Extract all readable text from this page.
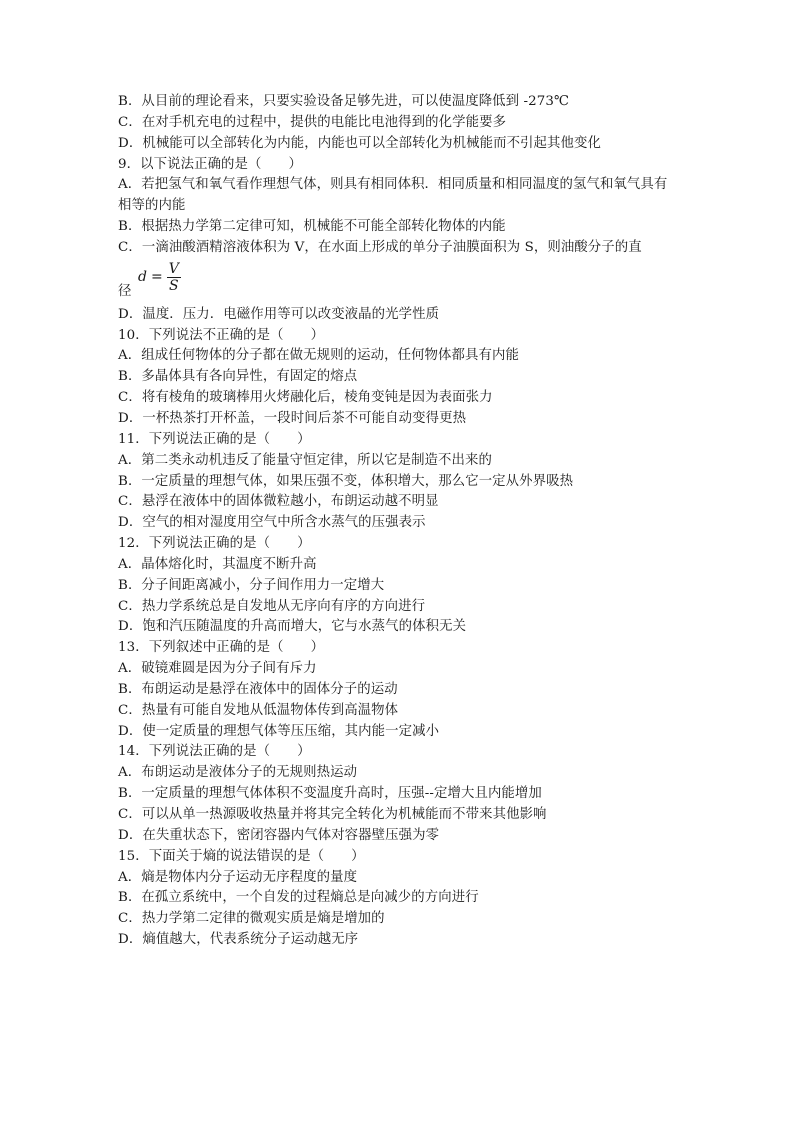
B．从目前的理论看来，只要实验设备足够先进，可以使温度降低到 -273℃
C．在对手机充电的过程中，提供的电能比电池得到的化学能要多
D．机械能可以全部转化为内能，内能也可以全部转化为机械能而不引起其他变化
9．以下说法正确的是（　　）
A．若把氢气和氧气看作理想气体，则具有相同体积．相同质量和相同温度的氢气和氧气具有相等的内能
B．根据热力学第二定律可知，机械能不可能全部转化物体的内能
C．一滴油酸酒精溶液体积为 V，在水面上形成的单分子油膜面积为 S，则油酸分子的直
径
$d = \frac{V}{S}$
D．温度．压力．电磁作用等可以改变液晶的光学性质
10．下列说法不正确的是（　　）
A．组成任何物体的分子都在做无规则的运动，任何物体都具有内能
B．多晶体具有各向异性，有固定的熔点
C．将有棱角的玻璃棒用火烤融化后，棱角变钝是因为表面张力
D．一杯热茶打开杯盖，一段时间后茶不可能自动变得更热
11．下列说法正确的是（　　）
A．第二类永动机违反了能量守恒定律，所以它是制造不出来的
B．一定质量的理想气体，如果压强不变，体积增大，那么它一定从外界吸热
C．悬浮在液体中的固体微粒越小，布朗运动越不明显
D．空气的相对湿度用空气中所含水蒸气的压强表示
12．下列说法正确的是（　　）
A．晶体熔化时，其温度不断升高
B．分子间距离减小，分子间作用力一定增大
C．热力学系统总是自发地从无序向有序的方向进行
D．饱和汽压随温度的升高而增大，它与水蒸气的体积无关
13．下列叙述中正确的是（　　）
A．破镜难圆是因为分子间有斥力
B．布朗运动是悬浮在液体中的固体分子的运动
C．热量有可能自发地从低温物体传到高温物体
D．使一定质量的理想气体等压压缩，其内能一定减小
14．下列说法正确的是（　　）
A．布朗运动是液体分子的无规则热运动
B．一定质量的理想气体体积不变温度升高时，压强--定增大且内能增加
C．可以从单一热源吸收热量并将其完全转化为机械能而不带来其他影响
D．在失重状态下，密闭容器内气体对容器壁压强为零
15．下面关于熵的说法错误的是（　　）
A．熵是物体内分子运动无序程度的量度
B．在孤立系统中，一个自发的过程熵总是向减少的方向进行
C．热力学第二定律的微观实质是熵是增加的
D．熵值越大，代表系统分子运动越无序
